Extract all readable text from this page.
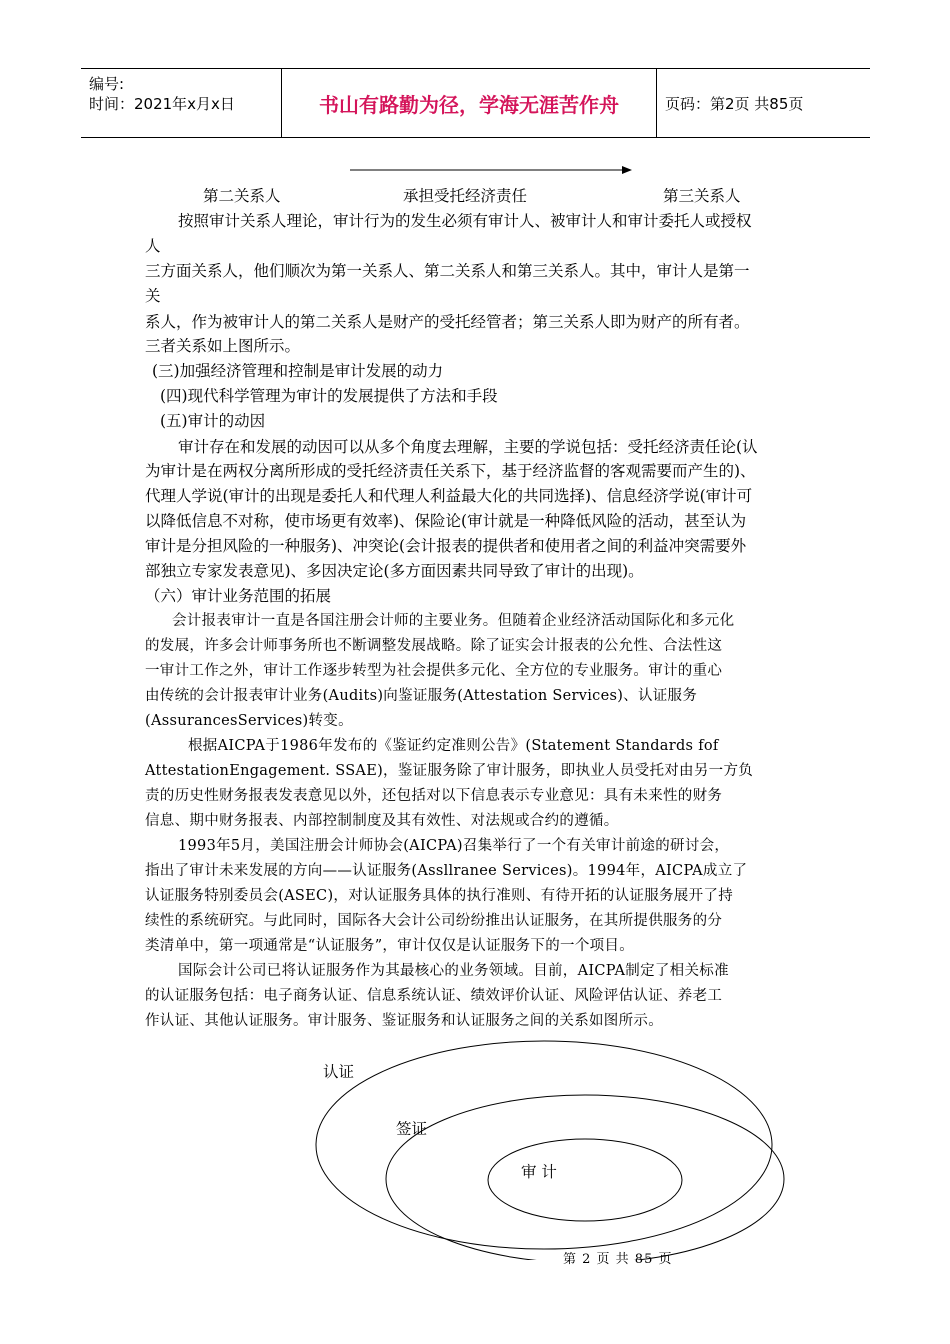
编号:
时间：2021年x月x日	书山有路勤为径，学海无涯苦作舟	页码：第2页 共85页
第二关系人	承担受托经济责任	第三关系人
按照审计关系人理论，审计行为的发生必须有审计人、被审计人和审计委托人或授权
人
三方面关系人，他们顺次为第一关系人、第二关系人和第三关系人。其中，审计人是第一
关
系人，作为被审计人的第二关系人是财产的受托经管者；第三关系人即为财产的所有者。
三者关系如上图所示。
(三)加强经济管理和控制是审计发展的动力
(四)现代科学管理为审计的发展提供了方法和手段
(五)审计的动因
审计存在和发展的动因可以从多个角度去理解，主要的学说包括：受托经济责任论(认
为审计是在两权分离所形成的受托经济责任关系下，基于经济监督的客观需要而产生的)、
代理人学说(审计的出现是委托人和代理人利益最大化的共同选择)、信息经济学说(审计可
以降低信息不对称，使市场更有效率)、保险论(审计就是一种降低风险的活动，甚至认为
审计是分担风险的一种服务)、冲突论(会计报表的提供者和使用者之间的利益冲突需要外
部独立专家发表意见)、多因决定论(多方面因素共同导致了审计的出现)。
（六）审计业务范围的拓展
会计报表审计一直是各国注册会计师的主要业务。但随着企业经济活动国际化和多元化
的发展，许多会计师事务所也不断调整发展战略。除了证实会计报表的公允性、合法性这
一审计工作之外，审计工作逐步转型为社会提供多元化、全方位的专业服务。审计的重心
由传统的会计报表审计业务(Audits)向鉴证服务(Attestation Services)、认证服务
(AssurancesServices)转变。
根据AICPA于1986年发布的《鉴证约定准则公告》(Statement Standards fof
AttestationEngagement. SSAE)，鉴证服务除了审计服务，即执业人员受托对由另一方负
责的历史性财务报表发表意见以外，还包括对以下信息表示专业意见：具有未来性的财务
信息、期中财务报表、内部控制制度及其有效性、对法规或合约的遵循。
1993年5月，美国注册会计师协会(AICPA)召集举行了一个有关审计前途的研讨会，
指出了审计未来发展的方向——认证服务(Assllranee Services)。1994年，AICPA成立了
认证服务特别委员会(ASEC)，对认证服务具体的执行准则、有待开拓的认证服务展开了持
续性的系统研究。与此同时，国际各大会计公司纷纷推出认证服务，在其所提供服务的分
类清单中，第一项通常是“认证服务”，审计仅仅是认证服务下的一个项目。
国际会计公司已将认证服务作为其最核心的业务领域。目前，AICPA制定了相关标准
的认证服务包括：电子商务认证、信息系统认证、绩效评价认证、风险评估认证、养老工
作认证、其他认证服务。审计服务、鉴证服务和认证服务之间的关系如图所示。
认证
签证
审 计
第 2 页 共 85 页
